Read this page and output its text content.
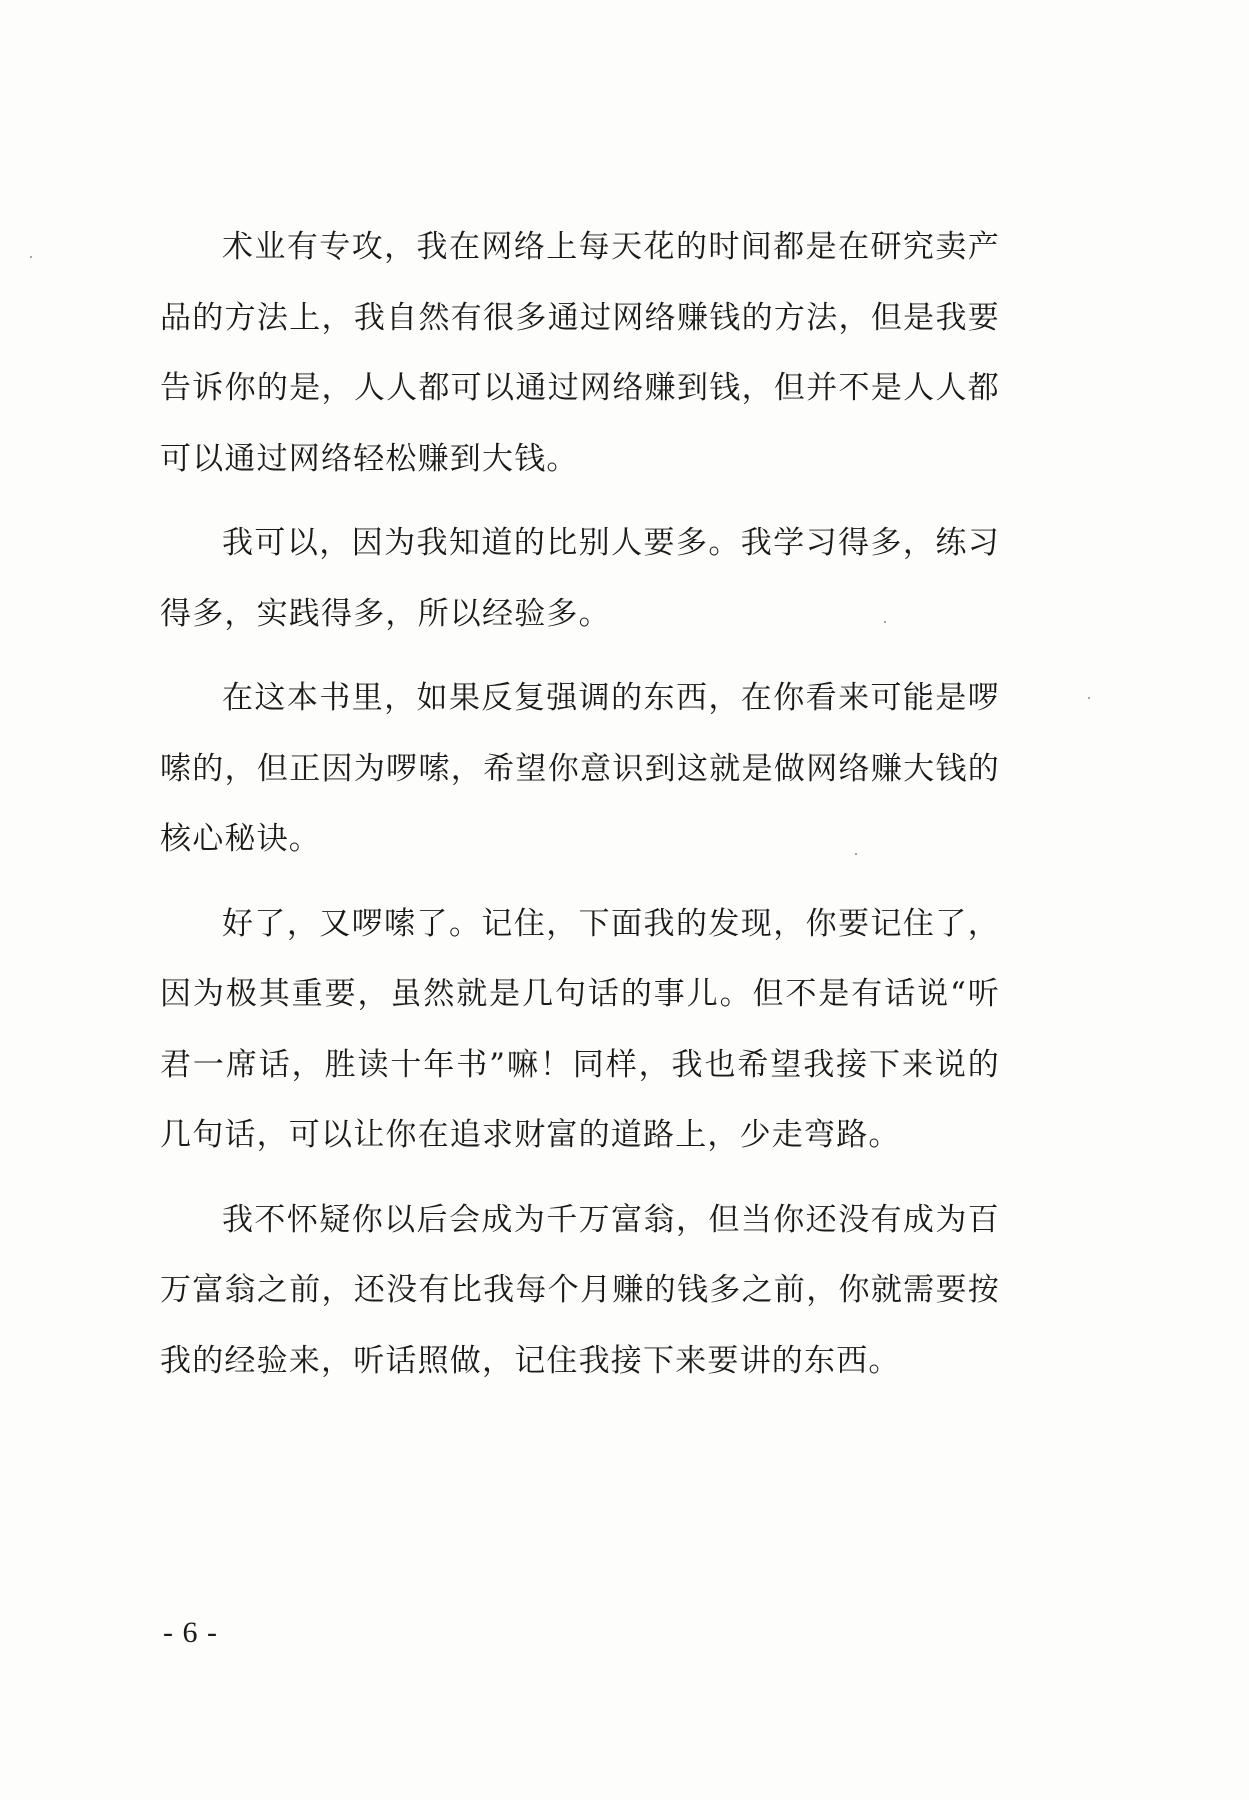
术业有专攻，我在网络上每天花的时间都是在研究卖产品的方法上，我自然有很多通过网络赚钱的方法，但是我要告诉你的是，人人都可以通过网络赚到钱，但并不是人人都可以通过网络轻松赚到大钱。

我可以，因为我知道的比别人要多。我学习得多，练习得多，实践得多，所以经验多。

在这本书里，如果反复强调的东西，在你看来可能是啰嗦的，但正因为啰嗦，希望你意识到这就是做网络赚大钱的核心秘诀。

好了，又啰嗦了。记住，下面我的发现，你要记住了，因为极其重要，虽然就是几句话的事儿。但不是有话说“听君一席话，胜读十年书”嘛！同样，我也希望我接下来说的几句话，可以让你在追求财富的道路上，少走弯路。

我不怀疑你以后会成为千万富翁，但当你还没有成为百万富翁之前，还没有比我每个月赚的钱多之前，你就需要按我的经验来，听话照做，记住我接下来要讲的东西。

- 6 -
